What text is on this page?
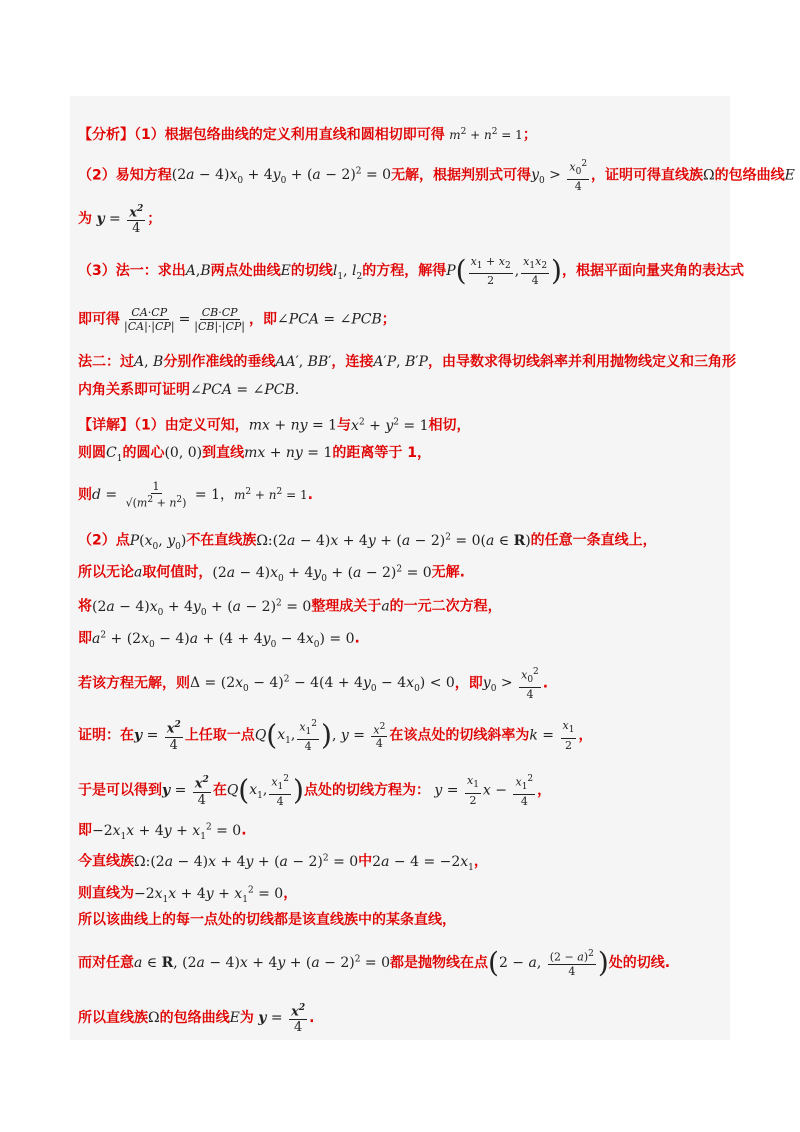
【分析】（1）根据包络曲线的定义利用直线和圆相切即可得 $m^2 + n^2 = 1$；
（2）易知方程$(2a - 4)x_0 + 4y_0 + (a - 2)^2 = 0$无解，根据判别式可得$y_0 > \frac{x_0^2}{4}$ ，证明可得直线族Ω的包络曲线E
为 $y = \frac{x^2}{4}$ ；
（3）法一：求出A,B两点处曲线E的切线$l_1$, $l_2$的方程，解得$P( \frac{x_1 + x_2}{2}$ , $\frac{x_1x_2}{4}$ )，根据平面向量夹角的表达式
即可得 $\frac{CA\cdot CP}{|CA|\cdot|CP|} = \frac{CB\cdot CP}{|CB|\cdot|CP|}$ ，即∠PCA = ∠PCB；
法二：过A, B分别作准线的垂线AA′, BB′，连接A′P, B′P，由导数求得切线斜率并利用抛物线定义和三角形
内角关系即可证明∠PCA = ∠PCB.
【详解】（1）由定义可知，mx + ny = 1与$x^2 + y^2 = 1$相切，
则圆$C_1$的圆心(0, 0)到直线mx + ny = 1的距离等于 1，
则$d = \frac{1}{√(m^2 + n^2)} = 1$，$m^2 + n^2 = 1$.
（2）点$P(x_0$, $y_0$)不在直线族Ω:(2a − $4)x + 4y + (a - 2)^2 = 0(a$ ∈ R)的任意一条直线上，
所以无论a取何值时，$(2a - 4)x_0 + 4y_0 + (a - 2)^2 = 0$无解.
将$(2a - 4)x_0 + 4y_0 + (a - 2)^2 = 0$整理成关于a的一元二次方程，
即$a^2 + (2x_0 - 4)a + (4 + 4y_0 - 4x_0) = 0$.
若该方程无解，则$\Delta = (2x_0 - 4)^2 - 4(4 + 4y_0 - 4x_0) < 0$，即$y_0 > \frac{x_0^2}{4}$ .
证明：在$y = \frac{x^2}{4}$ 上任取一点$Q(x_1$, $\frac{x_1^2}{4}$ ), $y = \frac{x^2}{4}$ 在该点处的切线斜率为$k = \frac{x_1}{2}$ ，
于是可以得到$y = \frac{x^2}{4}$ 在$Q(x_1$, $\frac{x_1^2}{4}$ )点处的切线方程为： $y = \frac{x_1}{2}$ $x - \frac{x_1^2}{4}$ ，
即$-2x_1x + 4y + x_1^2 = 0$.
今直线族Ω:(2a − $4)x + 4y + (a - 2)^2 = 0$中$2a - 4 = -2x_1$，
则直线为$-2x_1x + 4y + x_1^2 = 0$，
所以该曲线上的每一点处的切线都是该直线族中的某条直线，
而对任意a ∈ R, $(2a - 4)x + 4y + (a - 2)^2 = 0$都是抛物线在点(2 − a, $\frac{(2 - a)^2}{4}$ )处的切线.
所以直线族Ω的包络曲线E为 $y = \frac{x^2}{4}$ .
